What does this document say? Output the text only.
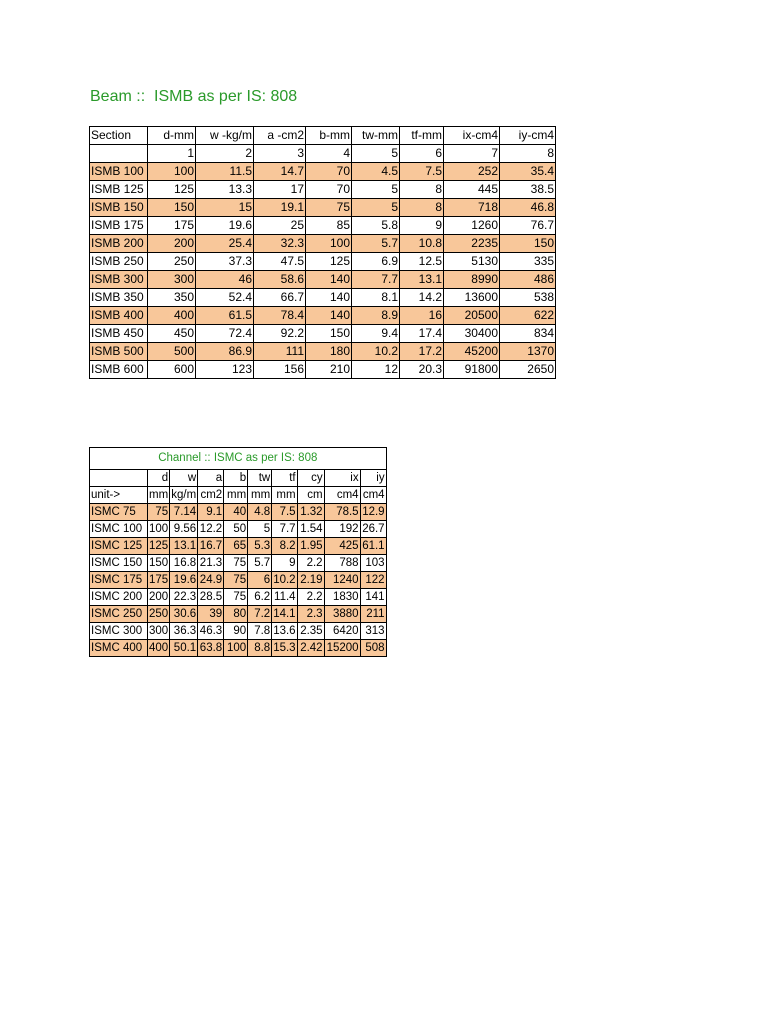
Beam ::  ISMB as per IS: 808
Section	d-mm	w -kg/m	a -cm2	b-mm	tw-mm	tf-mm	ix-cm4	iy-cm4
	1	2	3	4	5	6	7	8
ISMB 100	100	11.5	14.7	70	4.5	7.5	252	35.4
ISMB 125	125	13.3	17	70	5	8	445	38.5
ISMB 150	150	15	19.1	75	5	8	718	46.8
ISMB 175	175	19.6	25	85	5.8	9	1260	76.7
ISMB 200	200	25.4	32.3	100	5.7	10.8	2235	150
ISMB 250	250	37.3	47.5	125	6.9	12.5	5130	335
ISMB 300	300	46	58.6	140	7.7	13.1	8990	486
ISMB 350	350	52.4	66.7	140	8.1	14.2	13600	538
ISMB 400	400	61.5	78.4	140	8.9	16	20500	622
ISMB 450	450	72.4	92.2	150	9.4	17.4	30400	834
ISMB 500	500	86.9	111	180	10.2	17.2	45200	1370
ISMB 600	600	123	156	210	12	20.3	91800	2650
Channel :: ISMC as per IS: 808									
	d	w	a	b	tw	tf	cy	ix	iy
unit->	mm	kg/m	cm2	mm	mm	mm	cm	cm4	cm4
ISMC 75	75	7.14	9.1	40	4.8	7.5	1.32	78.5	12.9
ISMC 100	100	9.56	12.2	50	5	7.7	1.54	192	26.7
ISMC 125	125	13.1	16.7	65	5.3	8.2	1.95	425	61.1
ISMC 150	150	16.8	21.3	75	5.7	9	2.2	788	103
ISMC 175	175	19.6	24.9	75	6	10.2	2.19	1240	122
ISMC 200	200	22.3	28.5	75	6.2	11.4	2.2	1830	141
ISMC 250	250	30.6	39	80	7.2	14.1	2.3	3880	211
ISMC 300	300	36.3	46.3	90	7.8	13.6	2.35	6420	313
ISMC 400	400	50.1	63.8	100	8.8	15.3	2.42	15200	508
